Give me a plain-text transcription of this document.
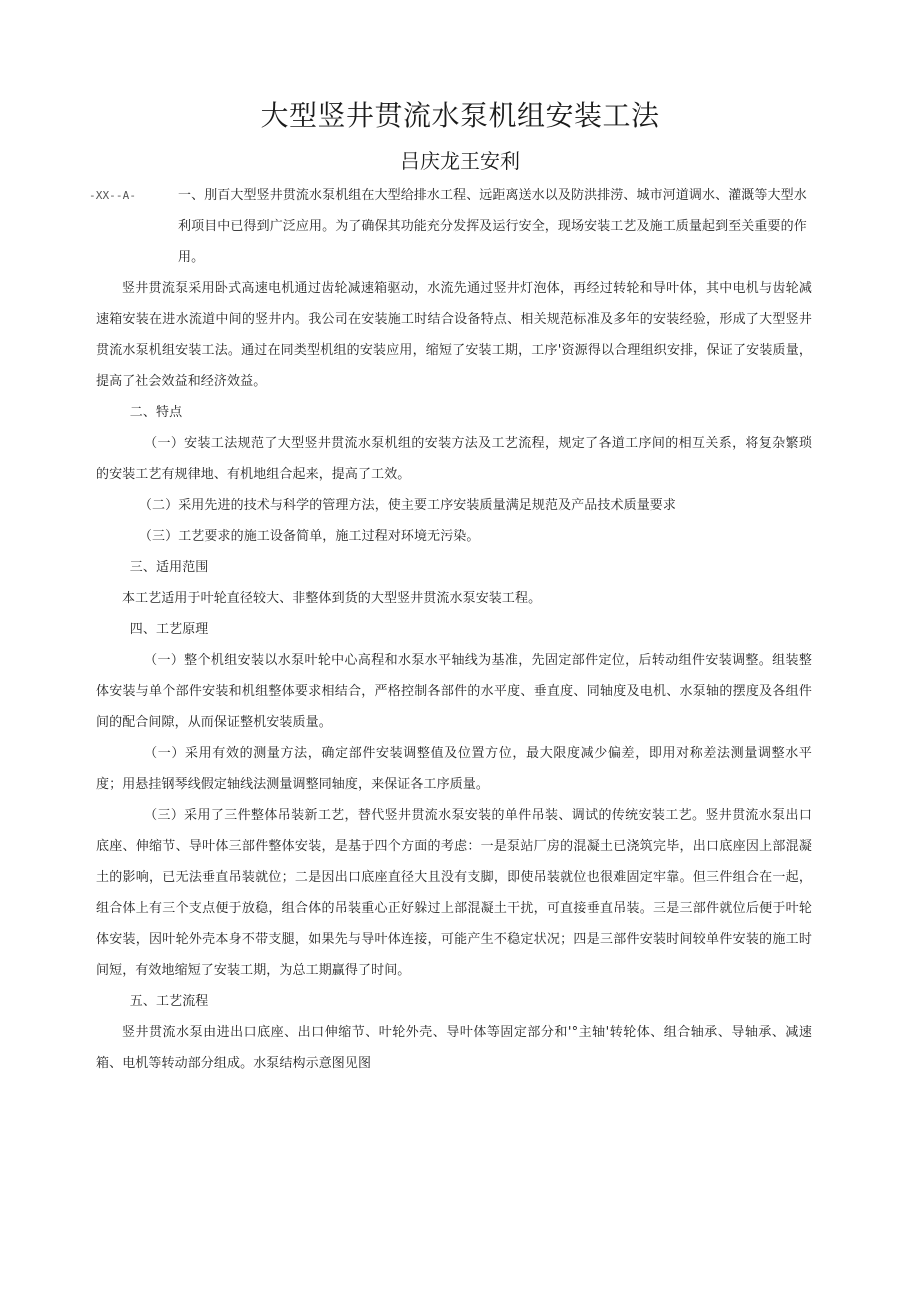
大型竖井贯流水泵机组安装工法
吕庆龙王安利

-XX--A-	一、刖百大型竖井贯流水泵机组在大型给排水工程、远距离送水以及防洪排涝、城市河道调水、灌溉等大型水利项目中已得到广泛应用。为了确保其功能充分发挥及运行安全，现场安装工艺及施工质量起到至关重要的作用。

竖井贯流泵采用卧式高速电机通过齿轮减速箱驱动，水流先通过竖井灯泡体，再经过转轮和导叶体，其中电机与齿轮减速箱安装在进水流道中间的竖井内。我公司在安装施工时结合设备特点、相关规范标准及多年的安装经验，形成了大型竖井贯流水泵机组安装工法。通过在同类型机组的安装应用，缩短了安装工期，工序'资源得以合理组织安排，保证了安装质量，提高了社会效益和经济效益。

二、特点

（一）安装工法规范了大型竖井贯流水泵机组的安装方法及工艺流程，规定了各道工序间的相互关系，将复杂繁琐的安装工艺有规律地、有机地组合起来，提高了工效。

（二）采用先进的技术与科学的管理方法，使主要工序安装质量满足规范及产品技术质量要求

（三）工艺要求的施工设备简单，施工过程对环境无污染。

三、适用范围

本工艺适用于叶轮直径较大、非整体到货的大型竖井贯流水泵安装工程。

四、工艺原理

（一）整个机组安装以水泵叶轮中心高程和水泵水平轴线为基准，先固定部件定位，后转动组件安装调整。组装整体安装与单个部件安装和机组整体要求相结合，严格控制各部件的水平度、垂直度、同轴度及电机、水泵轴的摆度及各组件间的配合间隙，从而保证整机安装质量。

（一）采用有效的测量方法，确定部件安装调整值及位置方位，最大限度减少偏差，即用对称差法测量调整水平度；用悬挂钢琴线假定轴线法测量调整同轴度，来保证各工序质量。

（三）采用了三件整体吊装新工艺，替代竖井贯流水泵安装的单件吊装、调试的传统安装工艺。竖井贯流水泵出口底座、伸缩节、导叶体三部件整体安装，是基于四个方面的考虑：一是泵站厂房的混凝土已浇筑完毕，出口底座因上部混凝土的影响，已无法垂直吊装就位；二是因出口底座直径大且没有支脚，即使吊装就位也很难固定牢靠。但三件组合在一起，组合体上有三个支点便于放稳，组合体的吊装重心正好躲过上部混凝土干扰，可直接垂直吊装。三是三部件就位后便于叶轮体安装，因叶轮外壳本身不带支腿，如果先与导叶体连接，可能产生不稳定状况；四是三部件安装时间较单件安装的施工时间短，有效地缩短了安装工期，为总工期赢得了时间。

五、工艺流程

竖井贯流水泵由进出口底座、出口伸缩节、叶轮外壳、导叶体等固定部分和'°主轴'转轮体、组合轴承、导轴承、减速箱、电机等转动部分组成。水泵结构示意图见图
